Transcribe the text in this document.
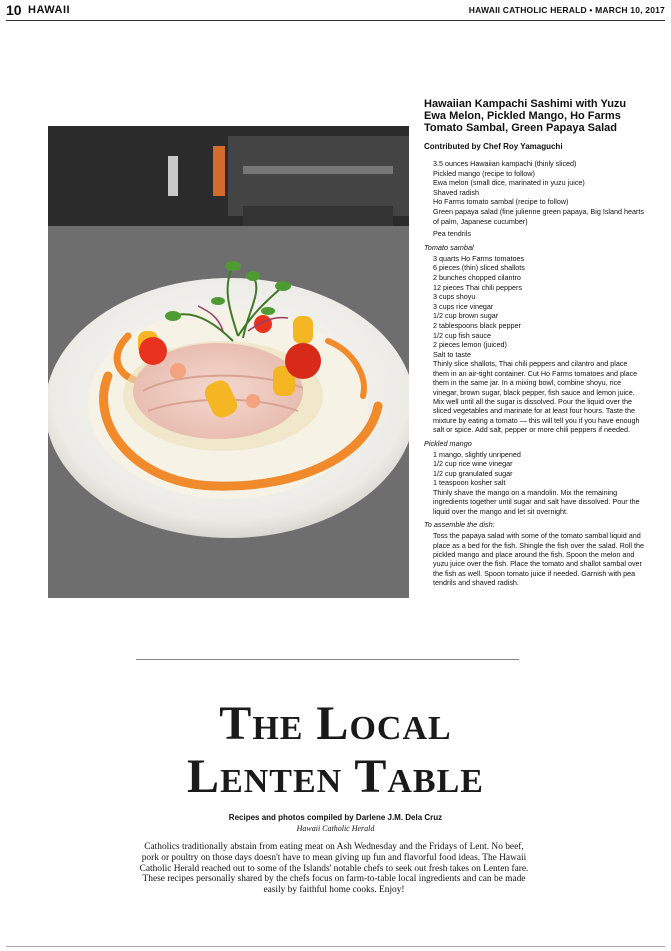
10 HAWAII	HAWAII CATHOLIC HERALD • MARCH 10, 2017
Hawaiian Kampachi Sashimi with Yuzu Ewa Melon, Pickled Mango, Ho Farms Tomato Sambal, Green Papaya Salad
Contributed by Chef Roy Yamaguchi
3.5 ounces Hawaiian kampachi (thinly sliced)
Pickled mango (recipe to follow)
Ewa melon (small dice, marinated in yuzu juice)
Shaved radish
Ho Farms tomato sambal (recipe to follow)
Green papaya salad (fine julienne green papaya, Big Island hearts of palm, Japanese cucumber)
Pea tendrils
Tomato sambal
3 quarts Ho Farms tomatoes
6 pieces (thin) sliced shallots
2 bunches chopped cilantro
12 pieces Thai chili peppers
3 cups shoyu
3 cups rice vinegar
1/2 cup brown sugar
2 tablespoons black pepper
1/2 cup fish sauce
2 pieces lemon (juiced)
Salt to taste

Thinly slice shallots, Thai chili peppers and cilantro and place them in an air-tight container. Cut Ho Farms tomatoes and place them in the same jar. In a mixing bowl, combine shoyu, rice vinegar, brown sugar, black pepper, fish sauce and lemon juice. Mix well until all the sugar is dissolved. Pour the liquid over the sliced vegetables and marinate for at least four hours. Taste the mixture by eating a tomato — this will tell you if you have enough salt or spice. Add salt, pepper or more chili peppers if needed.

Pickled mango
1 mango, slightly unripened
1/2 cup rice wine vinegar
1/2 cup granulated sugar
1 teaspoon kosher salt

Thinly shave the mango on a mandolin. Mix the remaining ingredients together until sugar and salt have dissolved. Pour the liquid over the mango and let sit overnight.

To assemble the dish:

Toss the papaya salad with some of the tomato sambal liquid and place as a bed for the fish. Shingle the fish over the salad. Roll the pickled mango and place around the fish. Spoon the melon and yuzu juice over the fish. Place the tomato and shallot sambal over the fish as well. Spoon tomato juice if needed. Garnish with pea tendrils and shaved radish.

The Local
Lenten Table
Recipes and photos compiled by Darlene J.M. Dela Cruz
Hawaii Catholic Herald

Catholics traditionally abstain from eating meat on Ash Wednesday and the Fridays of Lent. No beef, pork or poultry on those days doesn't have to mean giving up fun and flavorful food ideas. The Hawaii Catholic Herald reached out to some of the Islands' notable chefs to seek out fresh takes on Lenten fare. These recipes personally shared by the chefs focus on farm-to-table local ingredients and can be made easily by faithful home cooks. Enjoy!
